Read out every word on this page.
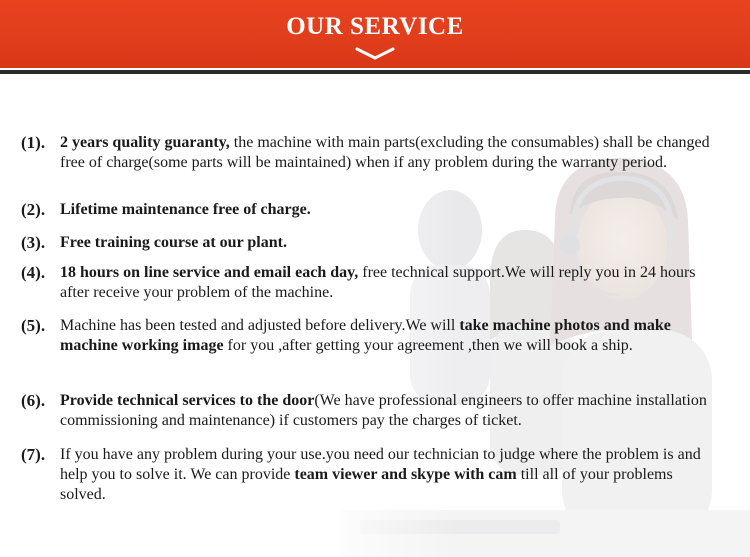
OUR SERVICE
(1). 2 years quality guaranty, the machine with main parts(excluding the consumables) shall be changed free of charge(some parts will be maintained) when if any problem during the warranty period.

(2). Lifetime maintenance free of charge.

(3). Free training course at our plant.

(4). 18 hours on line service and email each day, free technical support.We will reply you in 24 hours after receive your problem of the machine.

(5). Machine has been tested and adjusted before delivery.We will take machine photos and make machine working image for you ,after getting your agreement ,then we will book a ship.

(6). Provide technical services to the door(We have professional engineers to offer machine installation commissioning and maintenance) if customers pay the charges of ticket.

(7). If you have any problem during your use.you need our technician to judge where the problem is and help you to solve it. We can provide team viewer and skype with cam till all of your problems solved.
